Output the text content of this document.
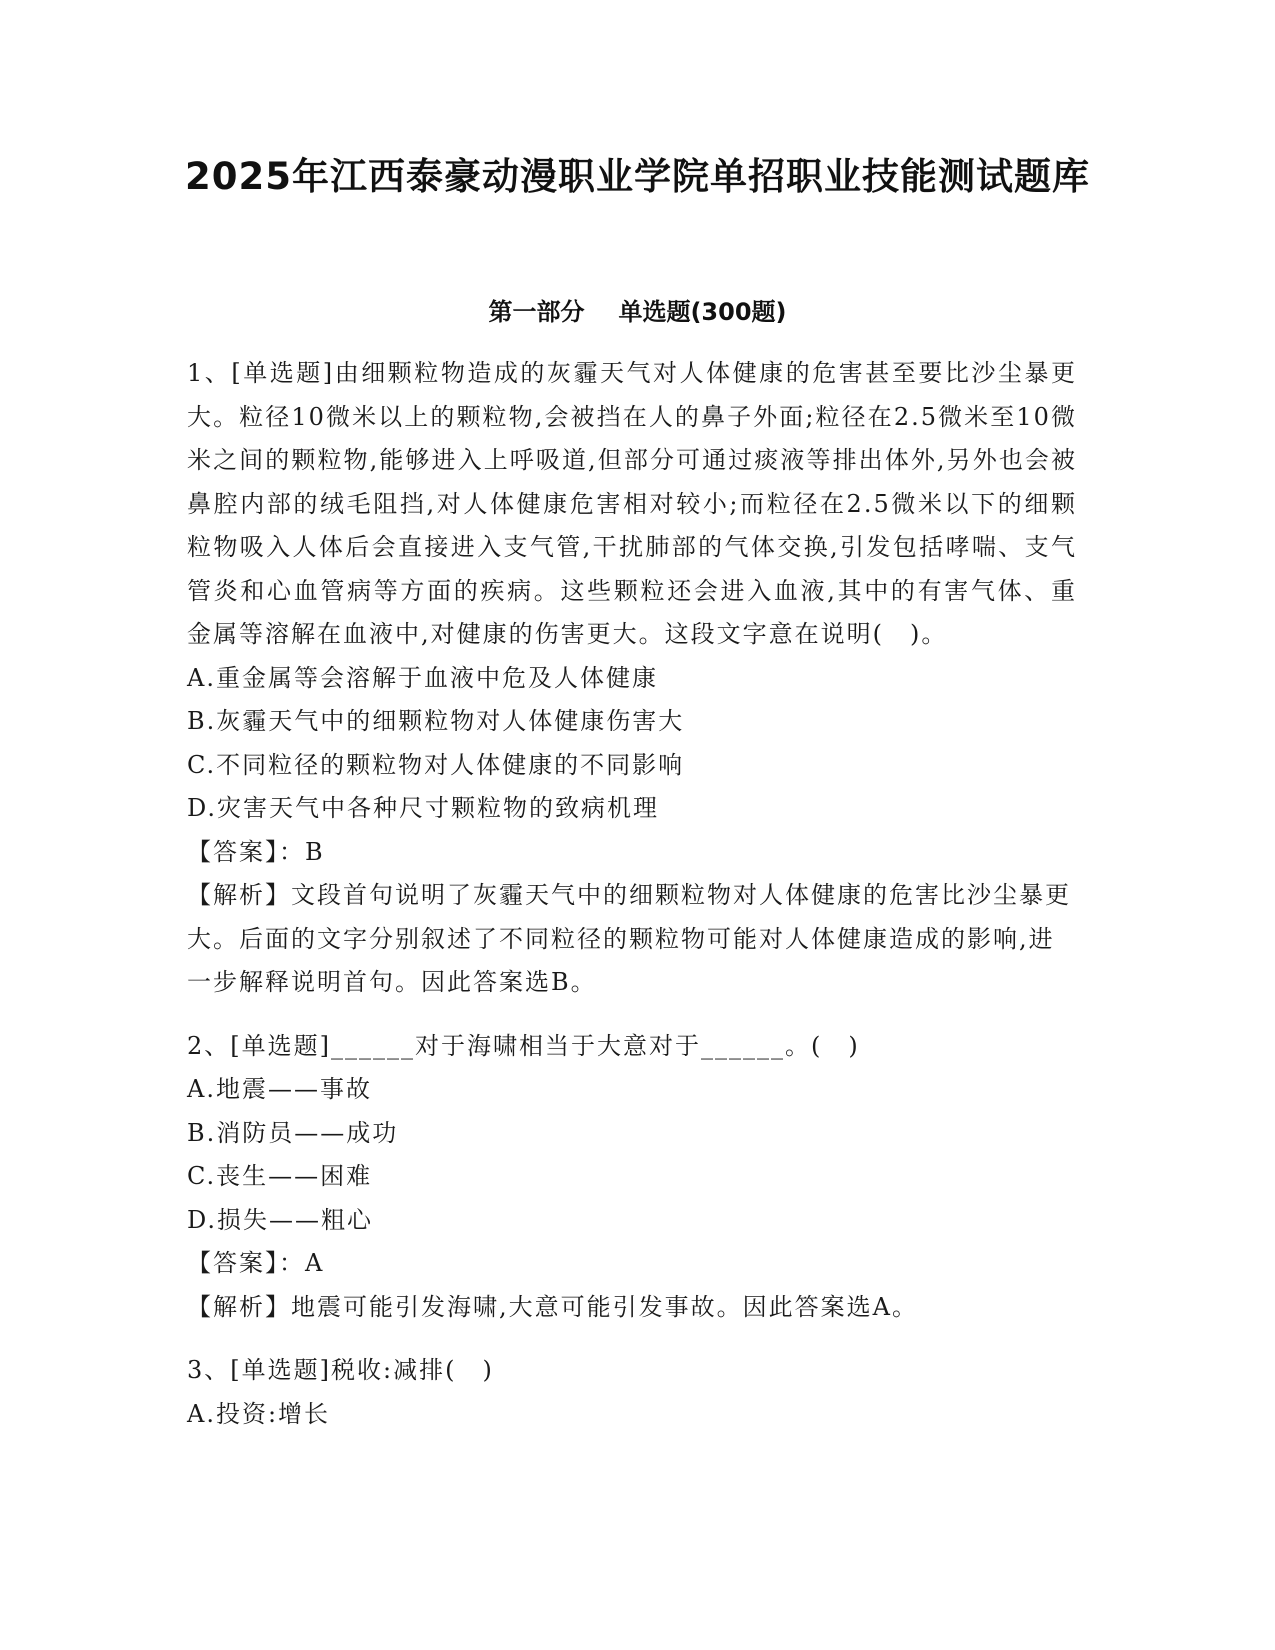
2025年江西泰豪动漫职业学院单招职业技能测试题库
第一部分 单选题(300题)
1、[单选题]由细颗粒物造成的灰霾天气对人体健康的危害甚至要比沙尘暴更大。粒径10微米以上的颗粒物,会被挡在人的鼻子外面;粒径在2.5微米至10微米之间的颗粒物,能够进入上呼吸道,但部分可通过痰液等排出体外,另外也会被鼻腔内部的绒毛阻挡,对人体健康危害相对较小;而粒径在2.5微米以下的细颗粒物吸入人体后会直接进入支气管,干扰肺部的气体交换,引发包括哮喘、支气管炎和心血管病等方面的疾病。这些颗粒还会进入血液,其中的有害气体、重金属等溶解在血液中,对健康的伤害更大。这段文字意在说明(　)。
A.重金属等会溶解于血液中危及人体健康
B.灰霾天气中的细颗粒物对人体健康伤害大
C.不同粒径的颗粒物对人体健康的不同影响
D.灾害天气中各种尺寸颗粒物的致病机理
【答案】：B
【解析】文段首句说明了灰霾天气中的细颗粒物对人体健康的危害比沙尘暴更大。后面的文字分别叙述了不同粒径的颗粒物可能对人体健康造成的影响,进一步解释说明首句。因此答案选B。
2、[单选题]______对于海啸相当于大意对于______。(　)
A.地震——事故
B.消防员——成功
C.丧生——困难
D.损失——粗心
【答案】：A
【解析】地震可能引发海啸,大意可能引发事故。因此答案选A。
3、[单选题]税收:减排(　)
A.投资:增长
